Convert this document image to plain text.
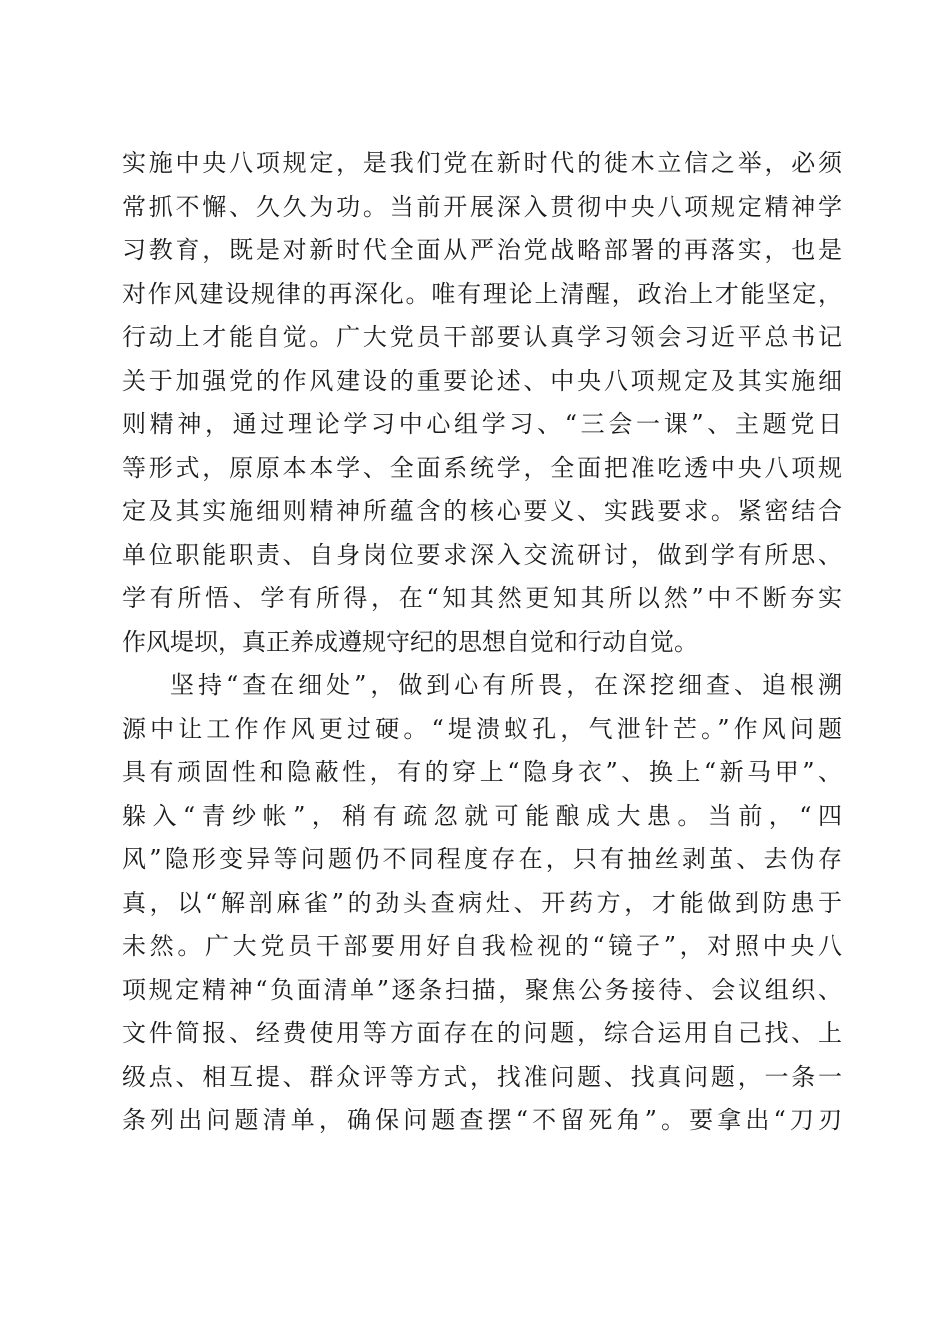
实施中央八项规定，是我们党在新时代的徙木立信之举，必须
常抓不懈、久久为功。当前开展深入贯彻中央八项规定精神学
习教育，既是对新时代全面从严治党战略部署的再落实，也是
对作风建设规律的再深化。唯有理论上清醒，政治上才能坚定，
行动上才能自觉。广大党员干部要认真学习领会习近平总书记
关于加强党的作风建设的重要论述、中央八项规定及其实施细
则精神，通过理论学习中心组学习、“三会一课”、主题党日
等形式，原原本本学、全面系统学，全面把准吃透中央八项规
定及其实施细则精神所蕴含的核心要义、实践要求。紧密结合
单位职能职责、自身岗位要求深入交流研讨，做到学有所思、
学有所悟、学有所得，在“知其然更知其所以然”中不断夯实
作风堤坝，真正养成遵规守纪的思想自觉和行动自觉。
坚持“查在细处”，做到心有所畏，在深挖细查、追根溯
源中让工作作风更过硬。“堤溃蚁孔，气泄针芒。”作风问题
具有顽固性和隐蔽性，有的穿上“隐身衣”、换上“新马甲”、
躲入“青纱帐”，稍有疏忽就可能酿成大患。当前，“四
风”隐形变异等问题仍不同程度存在，只有抽丝剥茧、去伪存
真，以“解剖麻雀”的劲头查病灶、开药方，才能做到防患于
未然。广大党员干部要用好自我检视的“镜子”，对照中央八
项规定精神“负面清单”逐条扫描，聚焦公务接待、会议组织、
文件简报、经费使用等方面存在的问题，综合运用自己找、上
级点、相互提、群众评等方式，找准问题、找真问题，一条一
条列出问题清单，确保问题查摆“不留死角”。要拿出“刀刃
